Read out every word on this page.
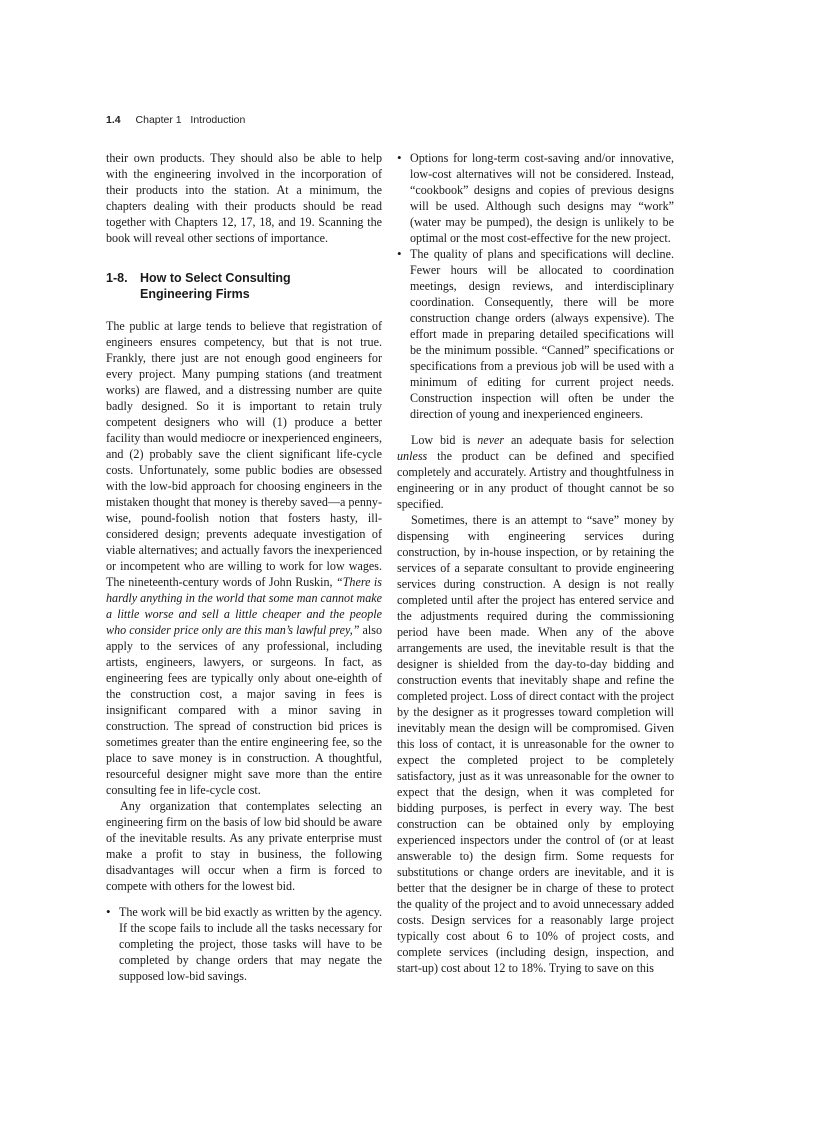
1.4 Chapter 1 Introduction

their own products. They should also be able to help with the engineering involved in the incorporation of their products into the station. At a minimum, the chapters dealing with their products should be read together with Chapters 12, 17, 18, and 19. Scanning the book will reveal other sections of importance.

1-8. How to Select Consulting
Engineering Firms

The public at large tends to believe that registration of engineers ensures competency, but that is not true. Frankly, there just are not enough good engineers for every project. Many pumping stations (and treatment works) are flawed, and a distressing number are quite badly designed. So it is important to retain truly competent designers who will (1) produce a better facility than would mediocre or inexperienced engineers, and (2) probably save the client significant life-cycle costs. Unfortunately, some public bodies are obsessed with the low-bid approach for choosing engineers in the mistaken thought that money is thereby saved—a penny-wise, pound-foolish notion that fosters hasty, ill-considered design; prevents adequate investigation of viable alternatives; and actually favors the inexperienced or incompetent who are willing to work for low wages. The nineteenth-century words of John Ruskin, “There is hardly anything in the world that some man cannot make a little worse and sell a little cheaper and the people who consider price only are this man’s lawful prey,” also apply to the services of any professional, including artists, engineers, lawyers, or surgeons. In fact, as engineering fees are typically only about one-eighth of the construction cost, a major saving in fees is insignificant compared with a minor saving in construction. The spread of construction bid prices is sometimes greater than the entire engineering fee, so the place to save money is in construction. A thoughtful, resourceful designer might save more than the entire consulting fee in life-cycle cost.

Any organization that contemplates selecting an engineering firm on the basis of low bid should be aware of the inevitable results. As any private enterprise must make a profit to stay in business, the following disadvantages will occur when a firm is forced to compete with others for the lowest bid.

• The work will be bid exactly as written by the agency. If the scope fails to include all the tasks necessary for completing the project, those tasks will have to be completed by change orders that may negate the supposed low-bid savings.
• Options for long-term cost-saving and/or innovative, low-cost alternatives will not be considered. Instead, “cookbook” designs and copies of previous designs will be used. Although such designs may “work” (water may be pumped), the design is unlikely to be optimal or the most cost-effective for the new project.
• The quality of plans and specifications will decline. Fewer hours will be allocated to coordination meetings, design reviews, and interdisciplinary coordination. Consequently, there will be more construction change orders (always expensive). The effort made in preparing detailed specifications will be the minimum possible. “Canned” specifications or specifications from a previous job will be used with a minimum of editing for current project needs. Construction inspection will often be under the direction of young and inexperienced engineers.

Low bid is never an adequate basis for selection unless the product can be defined and specified completely and accurately. Artistry and thoughtfulness in engineering or in any product of thought cannot be so specified.

Sometimes, there is an attempt to “save” money by dispensing with engineering services during construction, by in-house inspection, or by retaining the services of a separate consultant to provide engineering services during construction. A design is not really completed until after the project has entered service and the adjustments required during the commissioning period have been made. When any of the above arrangements are used, the inevitable result is that the designer is shielded from the day-to-day bidding and construction events that inevitably shape and refine the completed project. Loss of direct contact with the project by the designer as it progresses toward completion will inevitably mean the design will be compromised. Given this loss of contact, it is unreasonable for the owner to expect the completed project to be completely satisfactory, just as it was unreasonable for the owner to expect that the design, when it was completed for bidding purposes, is perfect in every way. The best construction can be obtained only by employing experienced inspectors under the control of (or at least answerable to) the design firm. Some requests for substitutions or change orders are inevitable, and it is better that the designer be in charge of these to protect the quality of the project and to avoid unnecessary added costs. Design services for a reasonably large project typically cost about 6 to 10% of project costs, and complete services (including design, inspection, and start-up) cost about 12 to 18%. Trying to save on this
